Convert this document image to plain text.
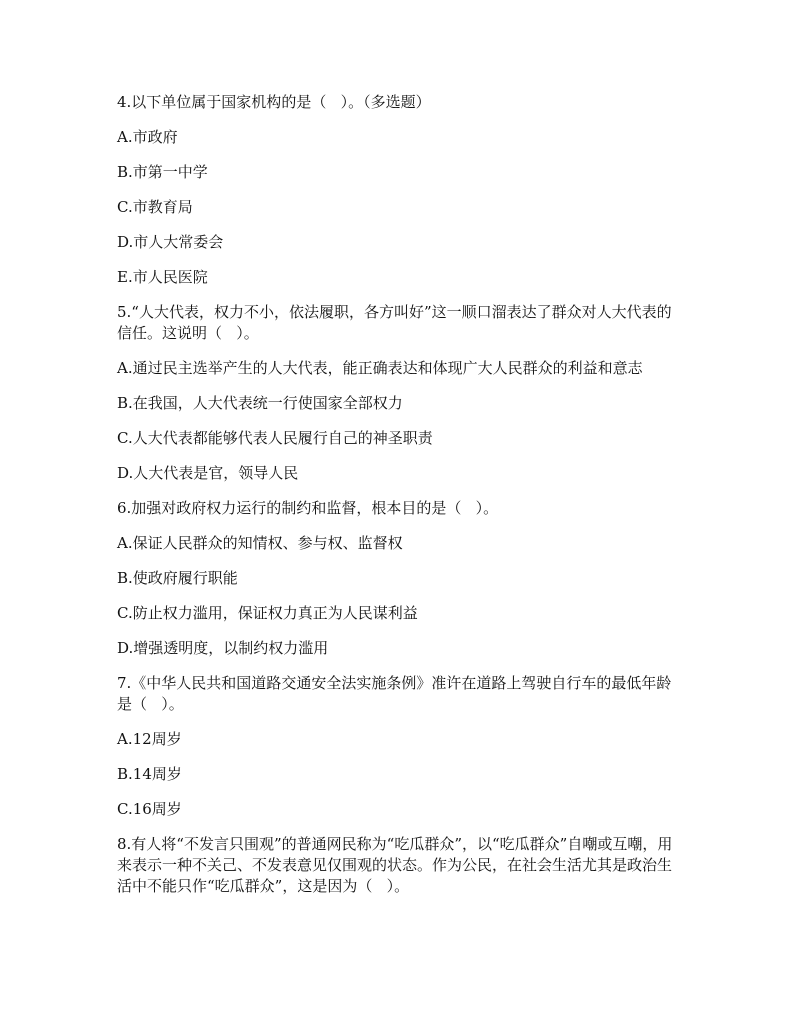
4.以下单位属于国家机构的是（   ）。（多选题）
A.市政府
B.市第一中学
C.市教育局
D.市人大常委会
E.市人民医院
5.“人大代表，权力不小，依法履职，各方叫好”这一顺口溜表达了群众对人大代表的信任。这说明（   ）。
A.通过民主选举产生的人大代表，能正确表达和体现广大人民群众的利益和意志
B.在我国，人大代表统一行使国家全部权力
C.人大代表都能够代表人民履行自己的神圣职责
D.人大代表是官，领导人民
6.加强对政府权力运行的制约和监督，根本目的是（   ）。
A.保证人民群众的知情权、参与权、监督权
B.使政府履行职能
C.防止权力滥用，保证权力真正为人民谋利益
D.增强透明度，以制约权力滥用
7.《中华人民共和国道路交通安全法实施条例》准许在道路上驾驶自行车的最低年龄是（   ）。
A.12周岁
B.14周岁
C.16周岁
8.有人将“不发言只围观”的普通网民称为“吃瓜群众”，以“吃瓜群众”自嘲或互嘲，用来表示一种不关己、不发表意见仅围观的状态。作为公民，在社会生活尤其是政治生活中不能只作“吃瓜群众”，这是因为（   ）。
